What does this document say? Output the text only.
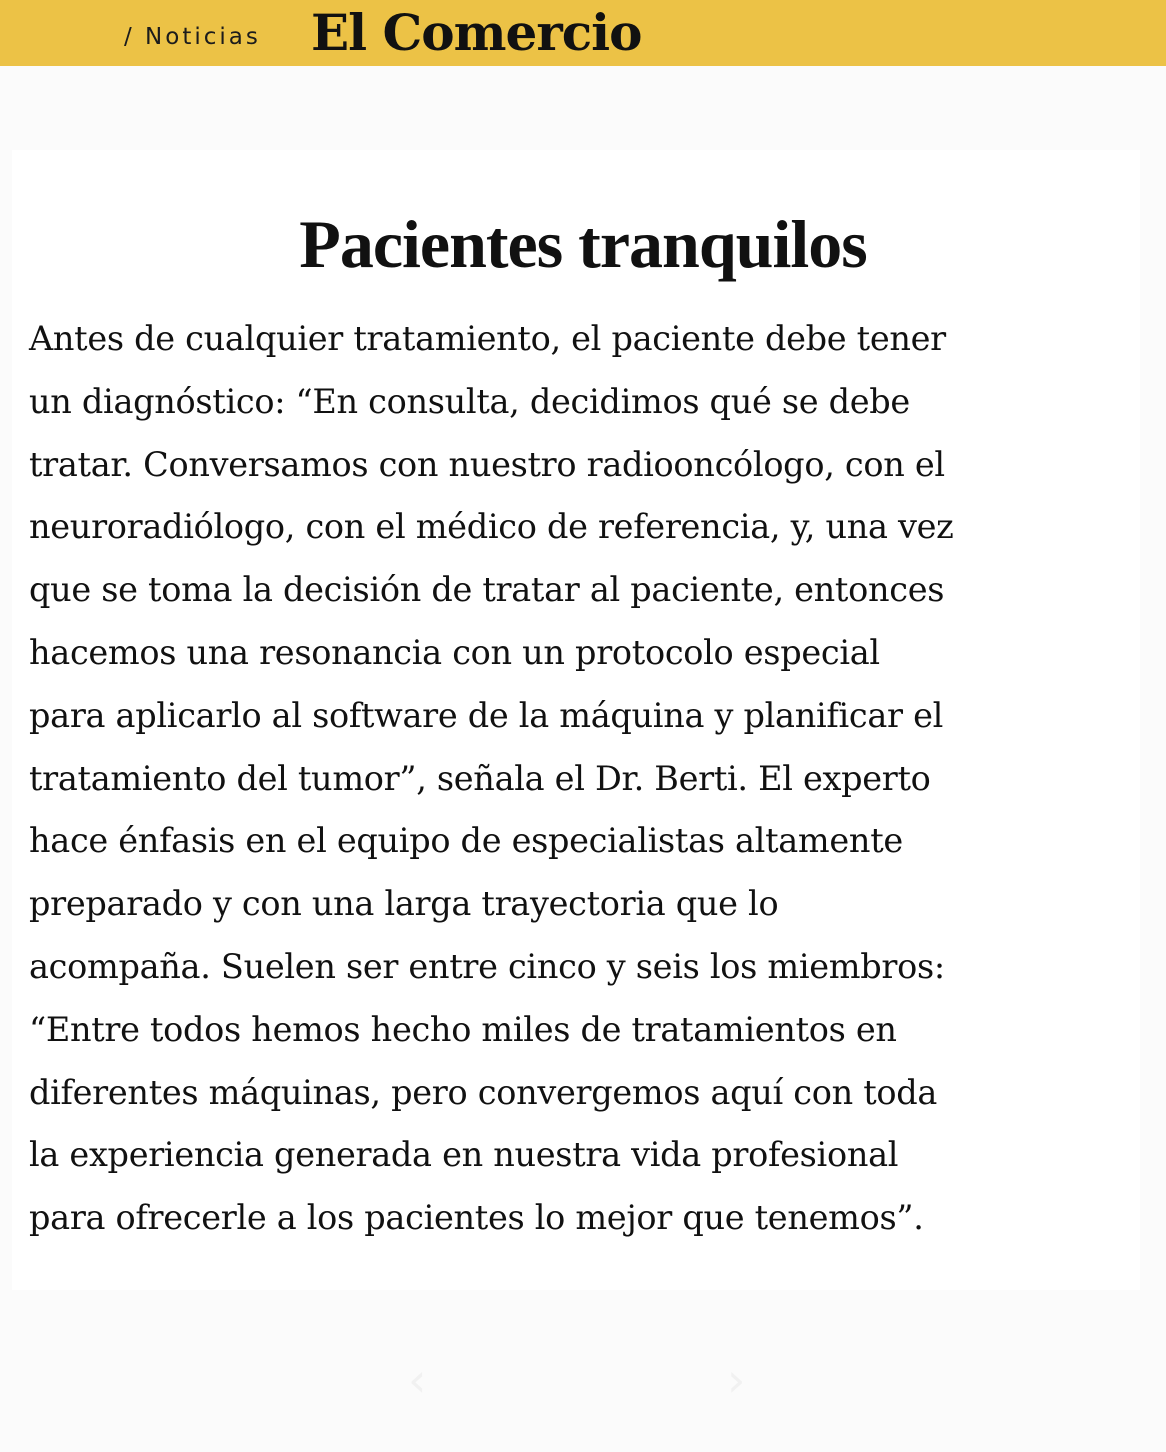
/ Noticias El Comercio
Pacientes tranquilos

Antes de cualquier tratamiento, el paciente debe tener
un diagnóstico: “En consulta, decidimos qué se debe
tratar. Conversamos con nuestro radiooncólogo, con el
neuroradiólogo, con el médico de referencia, y, una vez
que se toma la decisión de tratar al paciente, entonces
hacemos una resonancia con un protocolo especial
para aplicarlo al software de la máquina y planificar el
tratamiento del tumor”, señala el Dr. Berti. El experto
hace énfasis en el equipo de especialistas altamente
preparado y con una larga trayectoria que lo
acompaña. Suelen ser entre cinco y seis los miembros:
“Entre todos hemos hecho miles de tratamientos en
diferentes máquinas, pero convergemos aquí con toda
la experiencia generada en nuestra vida profesional
para ofrecerle a los pacientes lo mejor que tenemos”.

‹	›
